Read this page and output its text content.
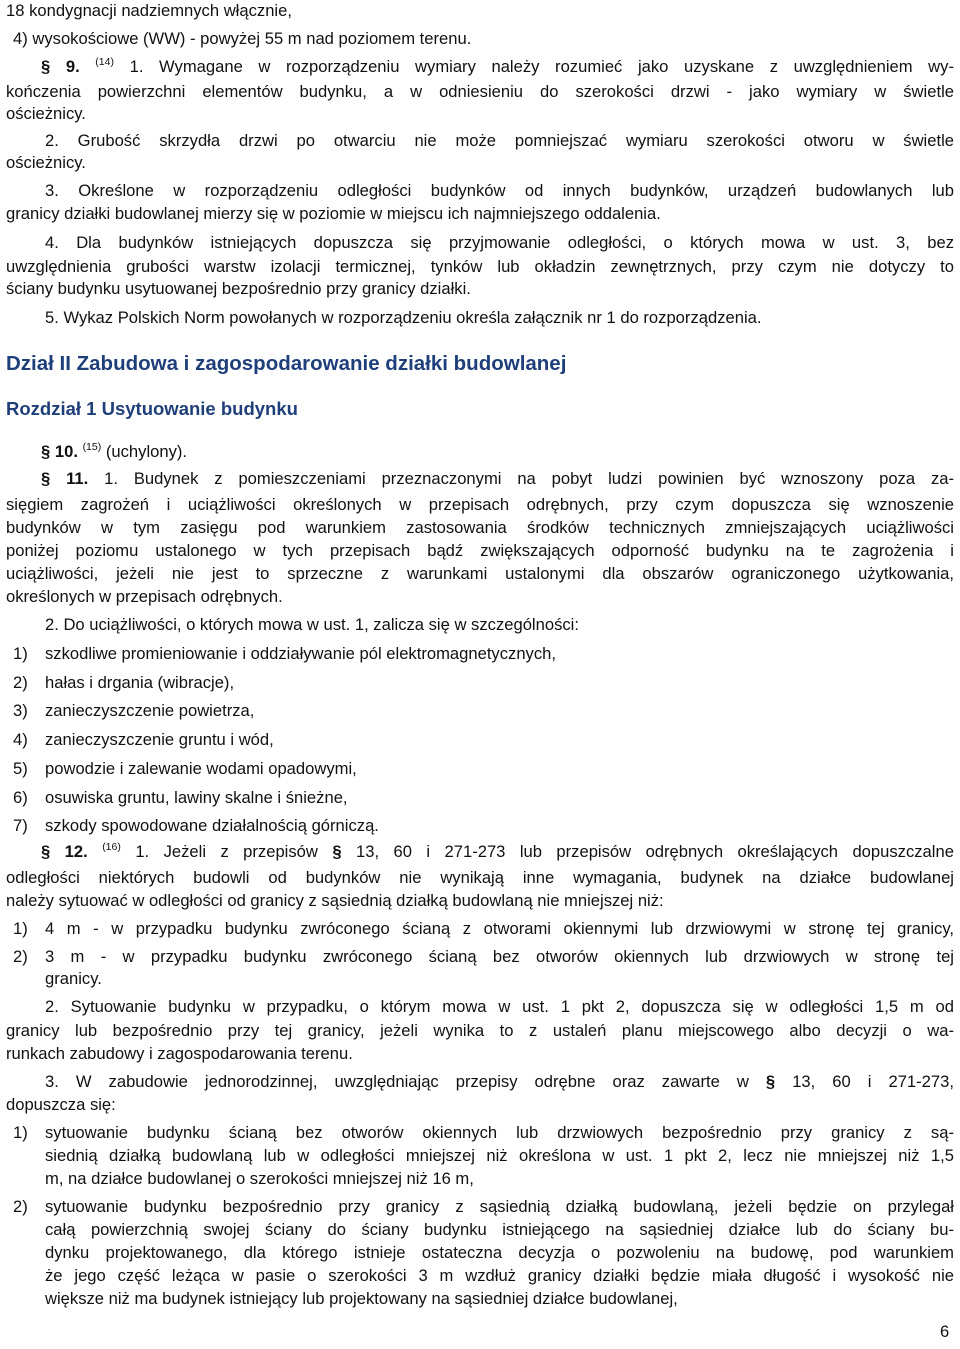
18 kondygnacji nadziemnych włącznie,
4) wysokościowe (WW) - powyżej 55 m nad poziomem terenu.
§ 9. $^{(14)}$ 1. Wymagane w rozporządzeniu wymiary należy rozumieć jako uzyskane z uwzględnieniem wy-
kończenia powierzchni elementów budynku, a w odniesieniu do szerokości drzwi - jako wymiary w świetle
ościeżnicy.
2. Grubość skrzydła drzwi po otwarciu nie może pomniejszać wymiaru szerokości otworu w świetle
ościeżnicy.
3. Określone w rozporządzeniu odległości budynków od innych budynków, urządzeń budowlanych lub
granicy działki budowlanej mierzy się w poziomie w miejscu ich najmniejszego oddalenia.
4. Dla budynków istniejących dopuszcza się przyjmowanie odległości, o których mowa w ust. 3, bez
uwzględnienia grubości warstw izolacji termicznej, tynków lub okładzin zewnętrznych, przy czym nie dotyczy to
ściany budynku usytuowanej bezpośrednio przy granicy działki.
5. Wykaz Polskich Norm powołanych w rozporządzeniu określa załącznik nr 1 do rozporządzenia.
Dział II Zabudowa i zagospodarowanie działki budowlanej
Rozdział 1 Usytuowanie budynku
§ 10. $^{(15)}$ (uchylony).
§ 11. 1. Budynek z pomieszczeniami przeznaczonymi na pobyt ludzi powinien być wznoszony poza za-
sięgiem zagrożeń i uciążliwości określonych w przepisach odrębnych, przy czym dopuszcza się wznoszenie
budynków w tym zasięgu pod warunkiem zastosowania środków technicznych zmniejszających uciążliwości
poniżej poziomu ustalonego w tych przepisach bądź zwiększających odporność budynku na te zagrożenia i
uciążliwości, jeżeli nie jest to sprzeczne z warunkami ustalonymi dla obszarów ograniczonego użytkowania,
określonych w przepisach odrębnych.
2. Do uciążliwości, o których mowa w ust. 1, zalicza się w szczególności:
1) szkodliwe promieniowanie i oddziaływanie pól elektromagnetycznych,
2) hałas i drgania (wibracje),
3) zanieczyszczenie powietrza,
4) zanieczyszczenie gruntu i wód,
5) powodzie i zalewanie wodami opadowymi,
6) osuwiska gruntu, lawiny skalne i śnieżne,
7) szkody spowodowane działalnością górniczą.
§ 12. $^{(16)}$ 1. Jeżeli z przepisów § 13, 60 i 271-273 lub przepisów odrębnych określających dopuszczalne
odległości niektórych budowli od budynków nie wynikają inne wymagania, budynek na działce budowlanej
należy sytuować w odległości od granicy z sąsiednią działką budowlaną nie mniejszej niż:
1) 4 m - w przypadku budynku zwróconego ścianą z otworami okiennymi lub drzwiowymi w stronę tej granicy,
2) 3 m - w przypadku budynku zwróconego ścianą bez otworów okiennych lub drzwiowych w stronę tej
granicy.
2. Sytuowanie budynku w przypadku, o którym mowa w ust. 1 pkt 2, dopuszcza się w odległości 1,5 m od
granicy lub bezpośrednio przy tej granicy, jeżeli wynika to z ustaleń planu miejscowego albo decyzji o wa-
runkach zabudowy i zagospodarowania terenu.
3. W zabudowie jednorodzinnej, uwzględniając przepisy odrębne oraz zawarte w § 13, 60 i 271-273,
dopuszcza się:
1) sytuowanie budynku ścianą bez otworów okiennych lub drzwiowych bezpośrednio przy granicy z są-
siednią działką budowlaną lub w odległości mniejszej niż określona w ust. 1 pkt 2, lecz nie mniejszej niż 1,5
m, na działce budowlanej o szerokości mniejszej niż 16 m,
2) sytuowanie budynku bezpośrednio przy granicy z sąsiednią działką budowlaną, jeżeli będzie on przylegał
całą powierzchnią swojej ściany do ściany budynku istniejącego na sąsiedniej działce lub do ściany bu-
dynku projektowanego, dla którego istnieje ostateczna decyzja o pozwoleniu na budowę, pod warunkiem
że jego część leżąca w pasie o szerokości 3 m wzdłuż granicy działki będzie miała długość i wysokość nie
większe niż ma budynek istniejący lub projektowany na sąsiedniej działce budowlanej,
6
